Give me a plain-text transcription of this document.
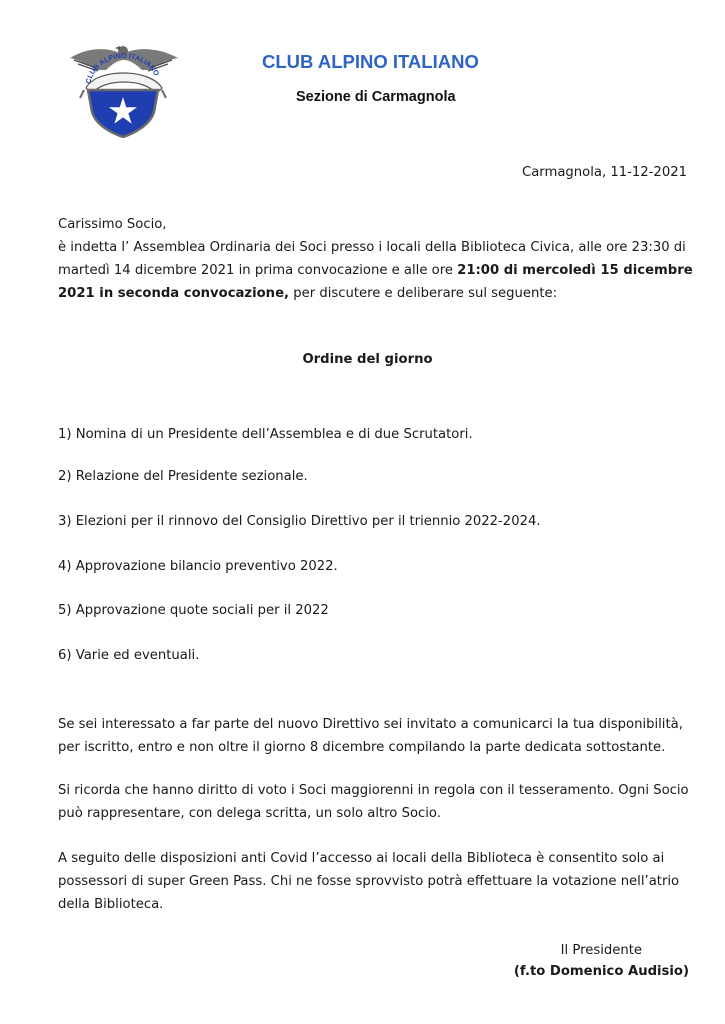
CLUB ALPINO ITALIANO
CLUB ALPINO ITALIANO
Sezione di Carmagnola
Carmagnola, 11-12-2021
Carissimo Socio,
è indetta l’ Assemblea Ordinaria dei Soci presso i locali della Biblioteca Civica, alle ore 23:30 di martedì 14 dicembre 2021 in prima convocazione e alle ore 21:00 di mercoledì 15 dicembre 2021 in seconda convocazione, per discutere e deliberare sul seguente:
Ordine del giorno
1) Nomina di un Presidente dell’Assemblea e di due Scrutatori.
2) Relazione del Presidente sezionale.
3) Elezioni per il rinnovo del Consiglio Direttivo per il triennio 2022-2024.
4) Approvazione bilancio preventivo 2022.
5) Approvazione quote sociali per il 2022
6) Varie ed eventuali.
Se sei interessato a far parte del nuovo Direttivo sei invitato a comunicarci la tua disponibilità, per iscritto, entro e non oltre il giorno 8 dicembre compilando la parte dedicata sottostante.
Si ricorda che hanno diritto di voto i Soci maggiorenni in regola con il tesseramento. Ogni Socio può rappresentare, con delega scritta, un solo altro Socio.
A seguito delle disposizioni anti Covid l’accesso ai locali della Biblioteca è consentito solo ai possessori di super Green Pass. Chi ne fosse sprovvisto potrà effettuare la votazione nell’atrio della Biblioteca.
Il Presidente
(f.to Domenico Audisio)
